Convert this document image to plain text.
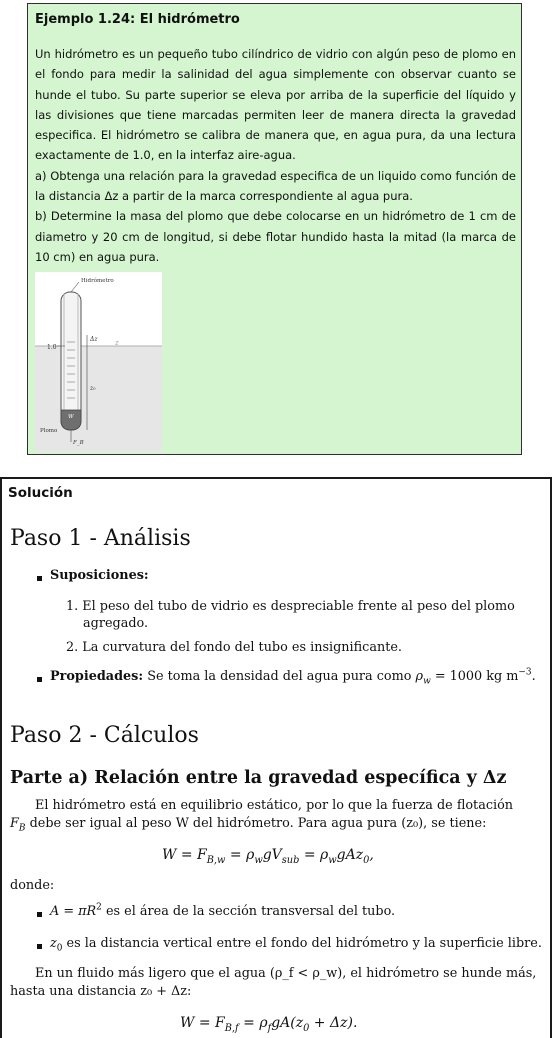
Ejemplo 1.24: El hidrómetro

Un hidrómetro es un pequeño tubo cilíndrico de vidrio con algún peso de plomo en el fondo para medir la salinidad del agua simplemente con observar cuanto se hunde el tubo. Su parte superior se eleva por arriba de la superficie del líquido y las divisiones que tiene marcadas permiten leer de manera directa la gravedad especifica. El hidrómetro se calibra de manera que, en agua pura, da una lectura exactamente de 1.0, en la interfaz aire-agua.

a) Obtenga una relación para la gravedad especifica de un liquido como función de la distancia Δz a partir de la marca correspondiente al agua pura.

b) Determine la masa del plomo que debe colocarse en un hidrómetro de 1 cm de diametro y 20 cm de longitud, si debe flotar hundido hasta la mitad (la marca de 10 cm) en agua pura.

Hidrómetro
1.0
Δz	z
z₀
W
Plomo
F_B
Solución
Paso 1 - Análisis
Suposiciones:
1. El peso del tubo de vidrio es despreciable frente al peso del plomo
agregado.
2. La curvatura del fondo del tubo es insignificante.
Propiedades: Se toma la densidad del agua pura como $\rho_w = 1000$ kg $m^{-3}$.
Paso 2 - Cálculos
Parte a) Relación entre la gravedad específica y Δz
El hidrómetro está en equilibrio estático, por lo que la fuerza de flotación
$F_B$ debe ser igual al peso W del hidrómetro. Para agua pura (z₀), se tiene:
$W = F_{B,w} = \rho_wgV_{sub} = \rho_wgAz_0$,
donde:
$A = \pi R^2$ es el área de la sección transversal del tubo.
$z_0$ es la distancia vertical entre el fondo del hidrómetro y la superficie libre.
En un fluido más ligero que el agua (ρ_f < ρ_w), el hidrómetro se hunde más,
hasta una distancia z₀ + Δz:
$W = F_{B,f} = \rho_fgA(z_0 + \Delta z)$.
